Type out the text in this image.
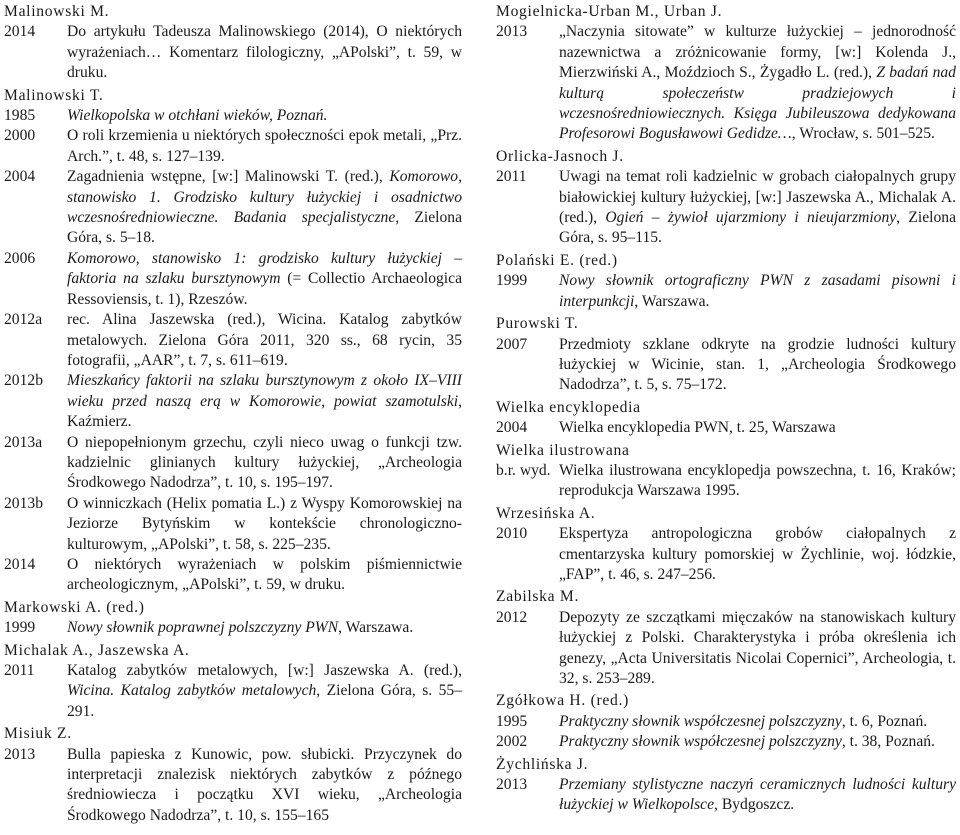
Malinowski M.
2014	Do artykułu Tadeusza Malinowskiego (2014), O niektórych wyrażeniach… Komentarz filologiczny, „APolski”, t. 59, w druku.
Malinowski T.
1985	Wielkopolska w otchłani wieków, Poznań.
2000	O roli krzemienia u niektórych społeczności epok metali, „Prz. Arch.”, t. 48, s. 127–139.
2004	Zagadnienia wstępne, [w:] Malinowski T. (red.), Komorowo, stanowisko 1. Grodzisko kultury łużyckiej i osadnictwo wczesnośredniowieczne. Badania specjalistyczne, Zielona Góra, s. 5–18.
2006	Komorowo, stanowisko 1: grodzisko kultury łużyckiej – faktoria na szlaku bursztynowym (= Collectio Archaeologica Ressoviensis, t. 1), Rzeszów.
2012a	rec. Alina Jaszewska (red.), Wicina. Katalog zabytków metalowych. Zielona Góra 2011, 320 ss., 68 rycin, 35 fotografii, „AAR”, t. 7, s. 611–619.
2012b	Mieszkańcy faktorii na szlaku bursztynowym z około IX–VIII wieku przed naszą erą w Komorowie, powiat szamotulski, Kaźmierz.
2013a	O niepopełnionym grzechu, czyli nieco uwag o funkcji tzw. kadzielnic glinianych kultury łużyckiej, „Archeologia Środkowego Nadodrza”, t. 10, s. 195–197.
2013b	O winniczkach (Helix pomatia L.) z Wyspy Komorowskiej na Jeziorze Bytyńskim w kontekście chronologiczno-kulturowym, „APolski”, t. 58, s. 225–235.
2014	O niektórych wyrażeniach w polskim piśmiennictwie archeologicznym, „APolski”, t. 59, w druku.
Markowski A. (red.)
1999	Nowy słownik poprawnej polszczyzny PWN, Warszawa.
Michalak A., Jaszewska A.
2011	Katalog zabytków metalowych, [w:] Jaszewska A. (red.), Wicina. Katalog zabytków metalowych, Zielona Góra, s. 55–291.
Misiuk Z.
2013	Bulla papieska z Kunowic, pow. słubicki. Przyczynek do interpretacji znalezisk niektórych zabytków z późnego średniowiecza i początku XVI wieku, „Archeologia Środkowego Nadodrza”, t. 10, s. 155–165
Mogielnicka-Urban M., Urban J.
2013	„Naczynia sitowate” w kulturze łużyckiej – jednorodność nazewnictwa a zróżnicowanie formy, [w:] Kolenda J., Mierzwiński A., Moździoch S., Żygadło L. (red.), Z badań nad kulturą społeczeństw pradziejowych i wczesnośredniowiecznych. Księga Jubileuszowa dedykowana Profesorowi Bogusławowi Gedidze…, Wrocław, s. 501–525.
Orlicka-Jasnoch J.
2011	Uwagi na temat roli kadzielnic w grobach ciałopalnych grupy białowickiej kultury łużyckiej, [w:] Jaszewska A., Michalak A. (red.), Ogień – żywioł ujarzmiony i nieujarzmiony, Zielona Góra, s. 95–115.
Polański E. (red.)
1999	Nowy słownik ortograficzny PWN z zasadami pisowni i interpunkcji, Warszawa.
Purowski T.
2007	Przedmioty szklane odkryte na grodzie ludności kultury łużyckiej w Wicinie, stan. 1, „Archeologia Środkowego Nadodrza”, t. 5, s. 75–172.
Wielka encyklopedia
2004	Wielka encyklopedia PWN, t. 25, Warszawa
Wielka ilustrowana
b.r. wyd. Wielka ilustrowana encyklopedja powszechna, t. 16, Kraków; reprodukcja Warszawa 1995.
Wrzesińska A.
2010	Ekspertyza antropologiczna grobów ciałopalnych z cmentarzyska kultury pomorskiej w Żychlinie, woj. łódzkie, „FAP”, t. 46, s. 247–256.
Zabilska M.
2012	Depozyty ze szczątkami mięczaków na stanowiskach kultury łużyckiej z Polski. Charakterystyka i próba określenia ich genezy, „Acta Universitatis Nicolai Copernici”, Archeologia, t. 32, s. 253–289.
Zgółkowa H. (red.)
1995	Praktyczny słownik współczesnej polszczyzny, t. 6, Poznań.
2002	Praktyczny słownik współczesnej polszczyzny, t. 38, Poznań.
Żychlińska J.
2013	Przemiany stylistyczne naczyń ceramicznych ludności kultury łużyckiej w Wielkopolsce, Bydgoszcz.
